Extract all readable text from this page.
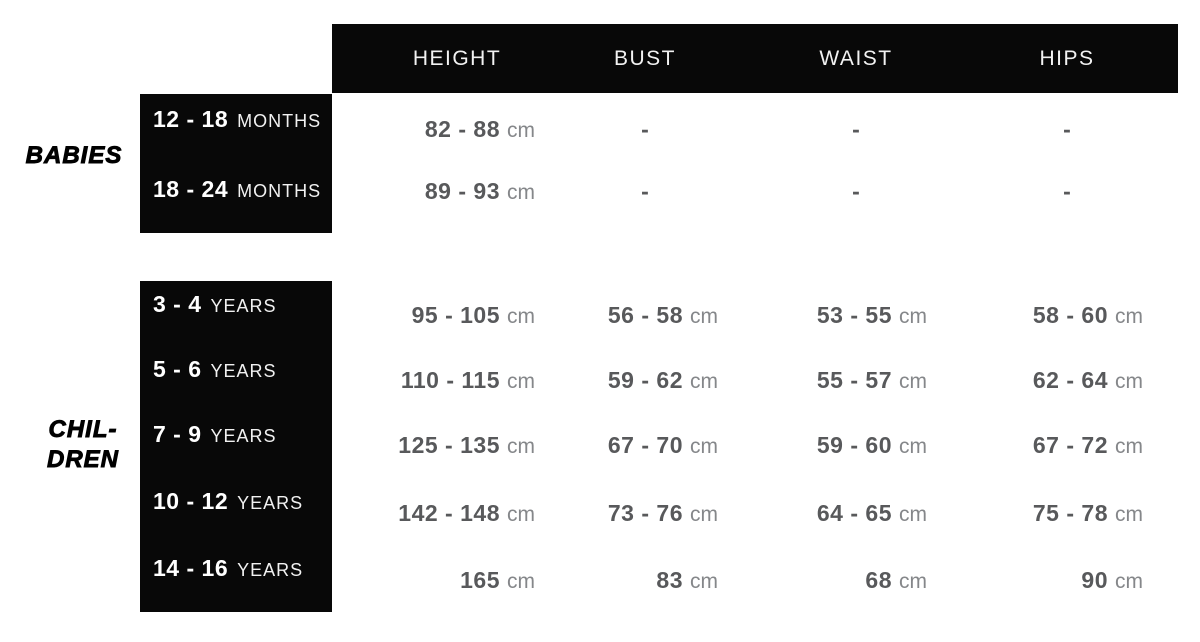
HEIGHT	BUST	WAIST	HIPS
BABIES
CHIL-
DREN
12 - 18 MONTHS	82 - 88 cm	-	-	-
18 - 24 MONTHS	89 - 93 cm	-	-	-
3 - 4 YEARS	95 - 105 cm	56 - 58 cm	53 - 55 cm	58 - 60 cm
5 - 6 YEARS	110 - 115 cm	59 - 62 cm	55 - 57 cm	62 - 64 cm
7 - 9 YEARS	125 - 135 cm	67 - 70 cm	59 - 60 cm	67 - 72 cm
10 - 12 YEARS	142 - 148 cm	73 - 76 cm	64 - 65 cm	75 - 78 cm
14 - 16 YEARS	165 cm	83 cm	68 cm	90 cm
